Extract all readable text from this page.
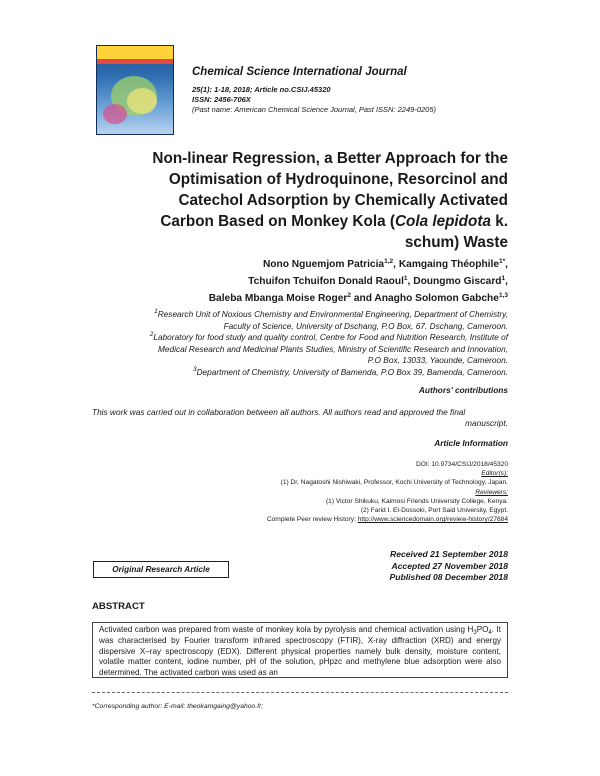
Chemical Science International Journal
25(1): 1-18, 2018; Article no.CSIJ.45320
ISSN: 2456-706X
(Past name: American Chemical Science Journal, Past ISSN: 2249-0205)
Non-linear Regression, a Better Approach for the
Optimisation of Hydroquinone, Resorcinol and
Catechol Adsorption by Chemically Activated
Carbon Based on Monkey Kola (Cola lepidota k.
schum) Waste
Nono Nguemjom Patricia$^{1,2}$, Kamgaing Théophile$^{1*}$,
Tchuifon Tchuifon Donald Raoul$^1$, Doungmo Giscard$^1$,
Baleba Mbanga Moise Roger$^2$ and Anagho Solomon Gabche$^{1,3}$
$^1$Research Unit of Noxious Chemistry and Environmental Engineering, Department of Chemistry,
Faculty of Science, University of Dschang, P.O Box, 67. Dschang, Cameroon.
$^2$Laboratory for food study and quality control, Centre for Food and Nutrition Research, Institute of
Medical Research and Medicinal Plants Studies, Ministry of Scientific Research and Innovation,
P.O Box, 13033, Yaounde, Cameroon.
$^3$Department of Chemistry, University of Bamenda, P.O Box 39, Bamenda, Cameroon.
Authors' contributions
This work was carried out in collaboration between all authors. All authors read and approved the final
manuscript.
Article Information
DOI: 10.9734/CSIJ/2018/45320
Editor(s):
(1) Dr. Nagatoshi Nishiwaki, Professor, Kochi University of Technology, Japan.
Reviewers:
(1) Victor Shikuku, Kaimosi Friends University College, Kenya.
(2) Farid I. El-Dossoki, Port Said University, Egypt.
Complete Peer review History: http://www.sciencedomain.org/review-history/27684
Received 21 September 2018
Accepted 27 November 2018
Published 08 December 2018
Original Research Article
ABSTRACT
Activated carbon was prepared from waste of monkey kola by pyrolysis and chemical activation using $H_3PO_4$. It was characterised by Fourier transform infrared spectroscopy (FTIR), X-ray diffraction (XRD) and energy dispersive X–ray spectroscopy (EDX). Different physical properties namely bulk density, moisture content, volatile matter content, iodine number, pH of the solution, pHpzc and methylene blue adsorption were also determined. The activated carbon was used as an
*Corresponding author: E-mail: theokamgaing@yahoo.fr;
